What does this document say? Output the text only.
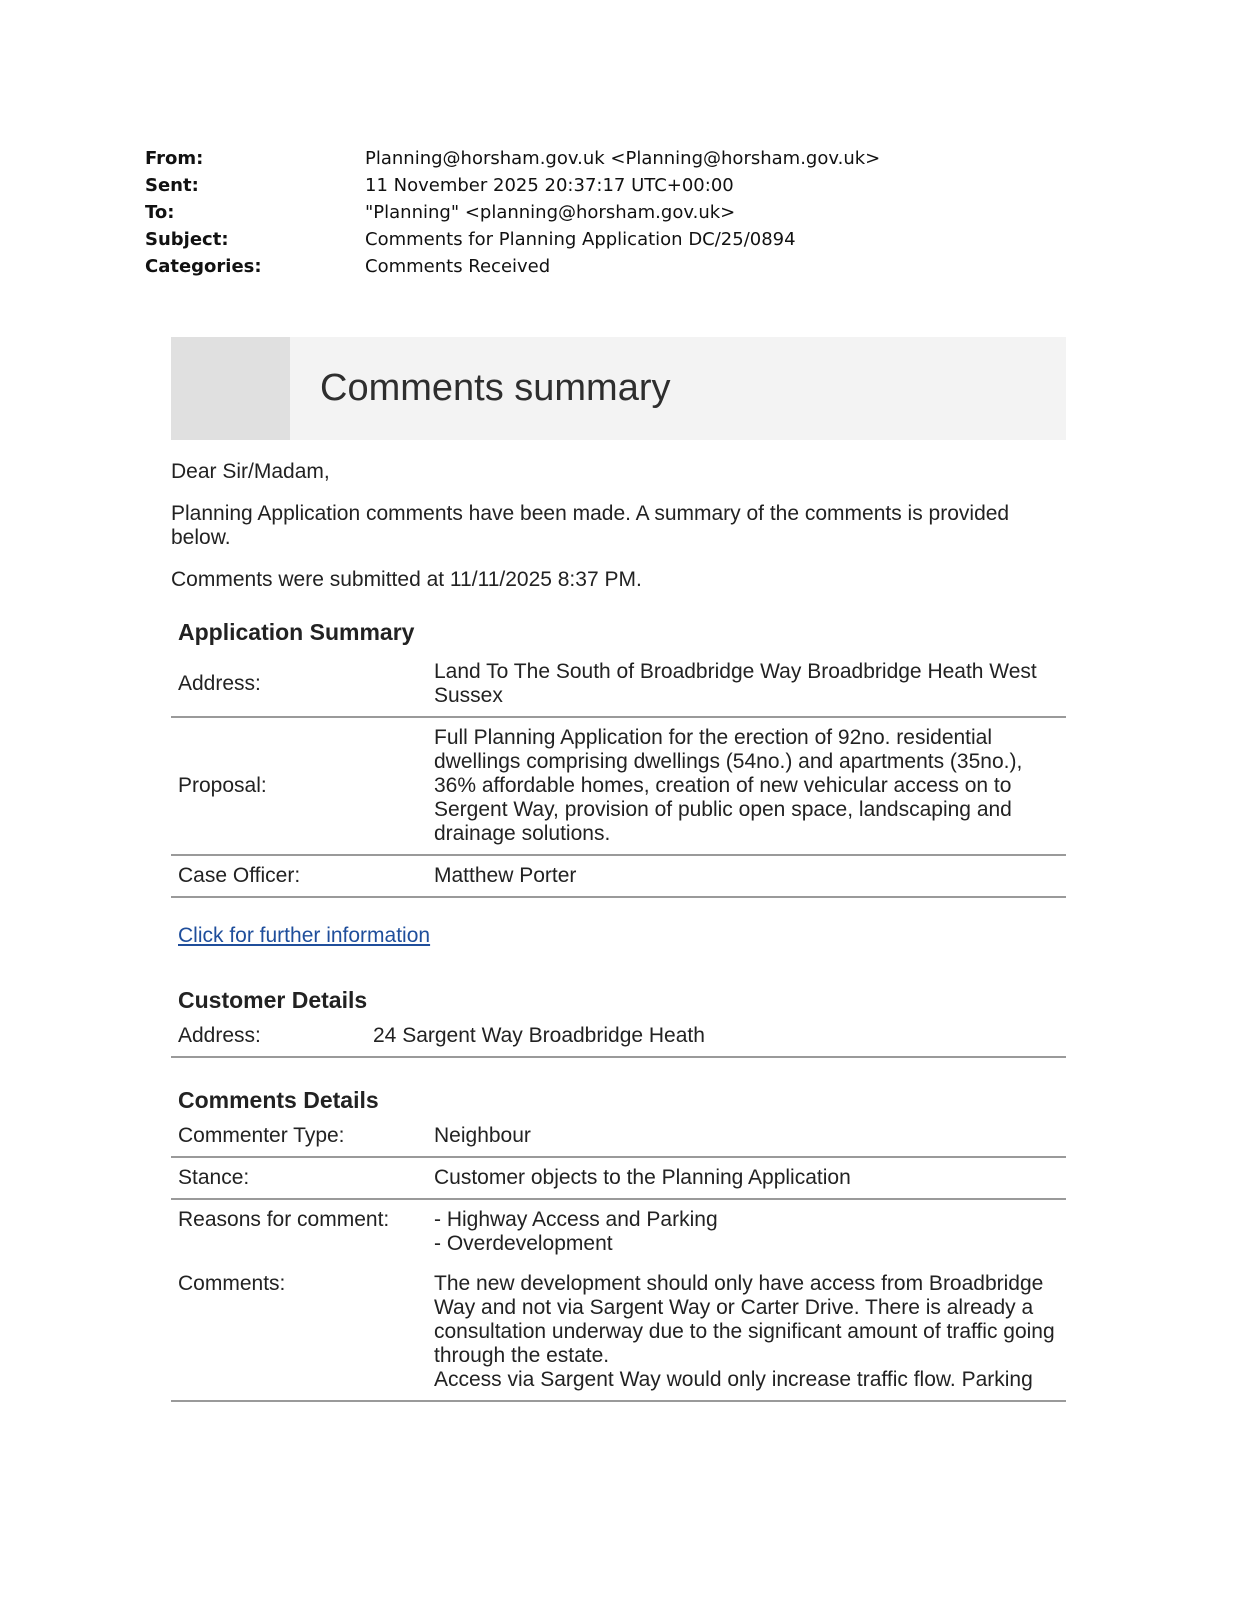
From:	Planning@horsham.gov.uk <Planning@horsham.gov.uk>
Sent:	11 November 2025 20:37:17 UTC+00:00
To:	"Planning" <planning@horsham.gov.uk>
Subject:	Comments for Planning Application DC/25/0894
Categories:	Comments Received
Comments summary

Dear Sir/Madam,

Planning Application comments have been made. A summary of the comments is provided below.

Comments were submitted at 11/11/2025 8:37 PM.

Application Summary
Address:	Land To The South of Broadbridge Way Broadbridge Heath West Sussex
Proposal:	Full Planning Application for the erection of 92no. residential dwellings comprising dwellings (54no.) and apartments (35no.), 36% affordable homes, creation of new vehicular access on to Sergent Way, provision of public open space, landscaping and drainage solutions.
Case Officer:	Matthew Porter
Click for further information
Customer Details
Address:	24 Sargent Way Broadbridge Heath
Comments Details
Commenter Type:	Neighbour
Stance:	Customer objects to the Planning Application
Reasons for comment:	- Highway Access and Parking
- Overdevelopment

Comments:	The new development should only have access from Broadbridge Way and not via Sargent Way or Carter Drive. There is already a consultation underway due to the significant amount of traffic going through the estate.
Access via Sargent Way would only increase traffic flow. Parking
